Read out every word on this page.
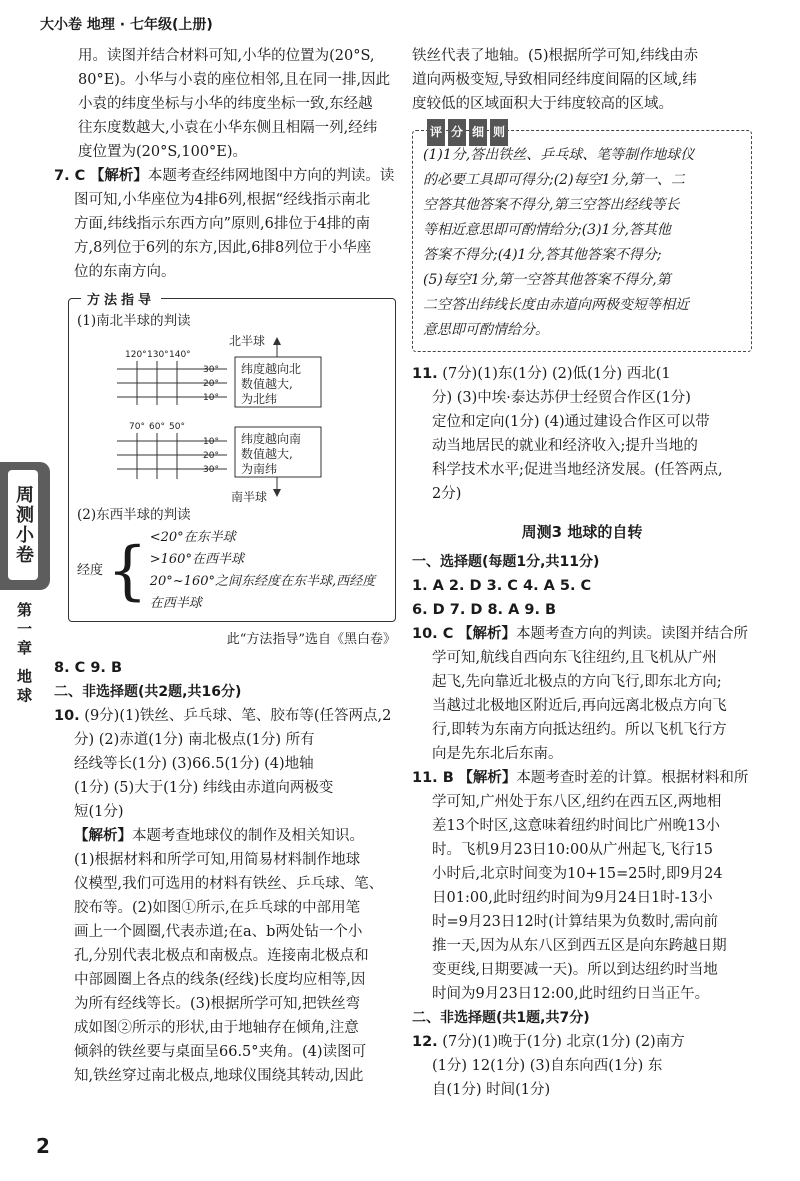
大小卷 地理 · 七年级(上册)
周测小卷
第一章 地球

用。读图并结合材料可知,小华的位置为(20°S,

80°E)。小华与小袁的座位相邻,且在同一排,因此

小袁的纬度坐标与小华的纬度坐标一致,东经越

往东度数越大,小袁在小华东侧且相隔一列,经纬

度位置为(20°S,100°E)。

7. C 【解析】本题考查经纬网地图中方向的判读。读

图可知,小华座位为4排6列,根据“经线指示南北

方面,纬线指示东西方向”原则,6排位于4排的南

方,8列位于6列的东方,因此,6排8列位于小华座

位的东南方向。

方法指导

(1)南北半球的判读

120° 130° 140°
30°
20°
10°
70° 60° 50°
10°
20°
30°
北半球
纬度越向北
数值越大,
为北纬
纬度越向南
数值越大,
为南纬
南半球

(2)东西半球的判读

经度 { <20°在东半球

>160°在西半球

20°~160°之间东经度在东半球,西经度

在西半球

此“方法指导”选自《黑白卷》

8. C 9. B

二、非选择题(共2题,共16分)

10. (9分)(1)铁丝、乒乓球、笔、胶布等(任答两点,2

分) (2)赤道(1分) 南北极点(1分) 所有

经线等长(1分) (3)66.5(1分) (4)地轴

(1分) (5)大于(1分) 纬线由赤道向两极变

短(1分)

【解析】本题考查地球仪的制作及相关知识。

(1)根据材料和所学可知,用简易材料制作地球

仪模型,我们可选用的材料有铁丝、乒乓球、笔、

胶布等。(2)如图①所示,在乒乓球的中部用笔

画上一个圆圈,代表赤道;在a、b两处钻一个小

孔,分别代表北极点和南极点。连接南北极点和

中部圆圈上各点的线条(经线)长度均应相等,因

为所有经线等长。(3)根据所学可知,把铁丝弯

成如图②所示的形状,由于地轴存在倾角,注意

倾斜的铁丝要与桌面呈66.5°夹角。(4)读图可

知,铁丝穿过南北极点,地球仪围绕其转动,因此

铁丝代表了地轴。(5)根据所学可知,纬线由赤

道向两极变短,导致相同经纬度间隔的区域,纬

度较低的区域面积大于纬度较高的区域。

评 分 细 则

(1)1分,答出铁丝、乒乓球、笔等制作地球仪

的必要工具即可得分;(2)每空1分,第一、二

空答其他答案不得分,第三空答出经线等长

等相近意思即可酌情给分;(3)1分,答其他

答案不得分;(4)1分,答其他答案不得分;

(5)每空1分,第一空答其他答案不得分,第

二空答出纬线长度由赤道向两极变短等相近

意思即可酌情给分。

11. (7分)(1)东(1分) (2)低(1分) 西北(1

分) (3)中埃·泰达苏伊士经贸合作区(1分)

定位和定向(1分) (4)通过建设合作区可以带

动当地居民的就业和经济收入;提升当地的

科学技术水平;促进当地经济发展。(任答两点,

2分)

周测3 地球的自转

一、选择题(每题1分,共11分)

1. A 2. D 3. C 4. A 5. C

6. D 7. D 8. A 9. B

10. C 【解析】本题考查方向的判读。读图并结合所

学可知,航线自西向东飞往纽约,且飞机从广州

起飞,先向靠近北极点的方向飞行,即东北方向;

当越过北极地区附近后,再向远离北极点方向飞

行,即转为东南方向抵达纽约。所以飞机飞行方

向是先东北后东南。

11. B 【解析】本题考查时差的计算。根据材料和所

学可知,广州处于东八区,纽约在西五区,两地相

差13个时区,这意味着纽约时间比广州晚13小

时。飞机9月23日10:00从广州起飞,飞行15

小时后,北京时间变为10+15=25时,即9月24

日01:00,此时纽约时间为9月24日1时-13小

时=9月23日12时(计算结果为负数时,需向前

推一天,因为从东八区到西五区是向东跨越日期

变更线,日期要减一天)。所以到达纽约时当地

时间为9月23日12:00,此时纽约日当正午。

二、非选择题(共1题,共7分)

12. (7分)(1)晚于(1分) 北京(1分) (2)南方

(1分) 12(1分) (3)自东向西(1分) 东

自(1分) 时间(1分)

2
